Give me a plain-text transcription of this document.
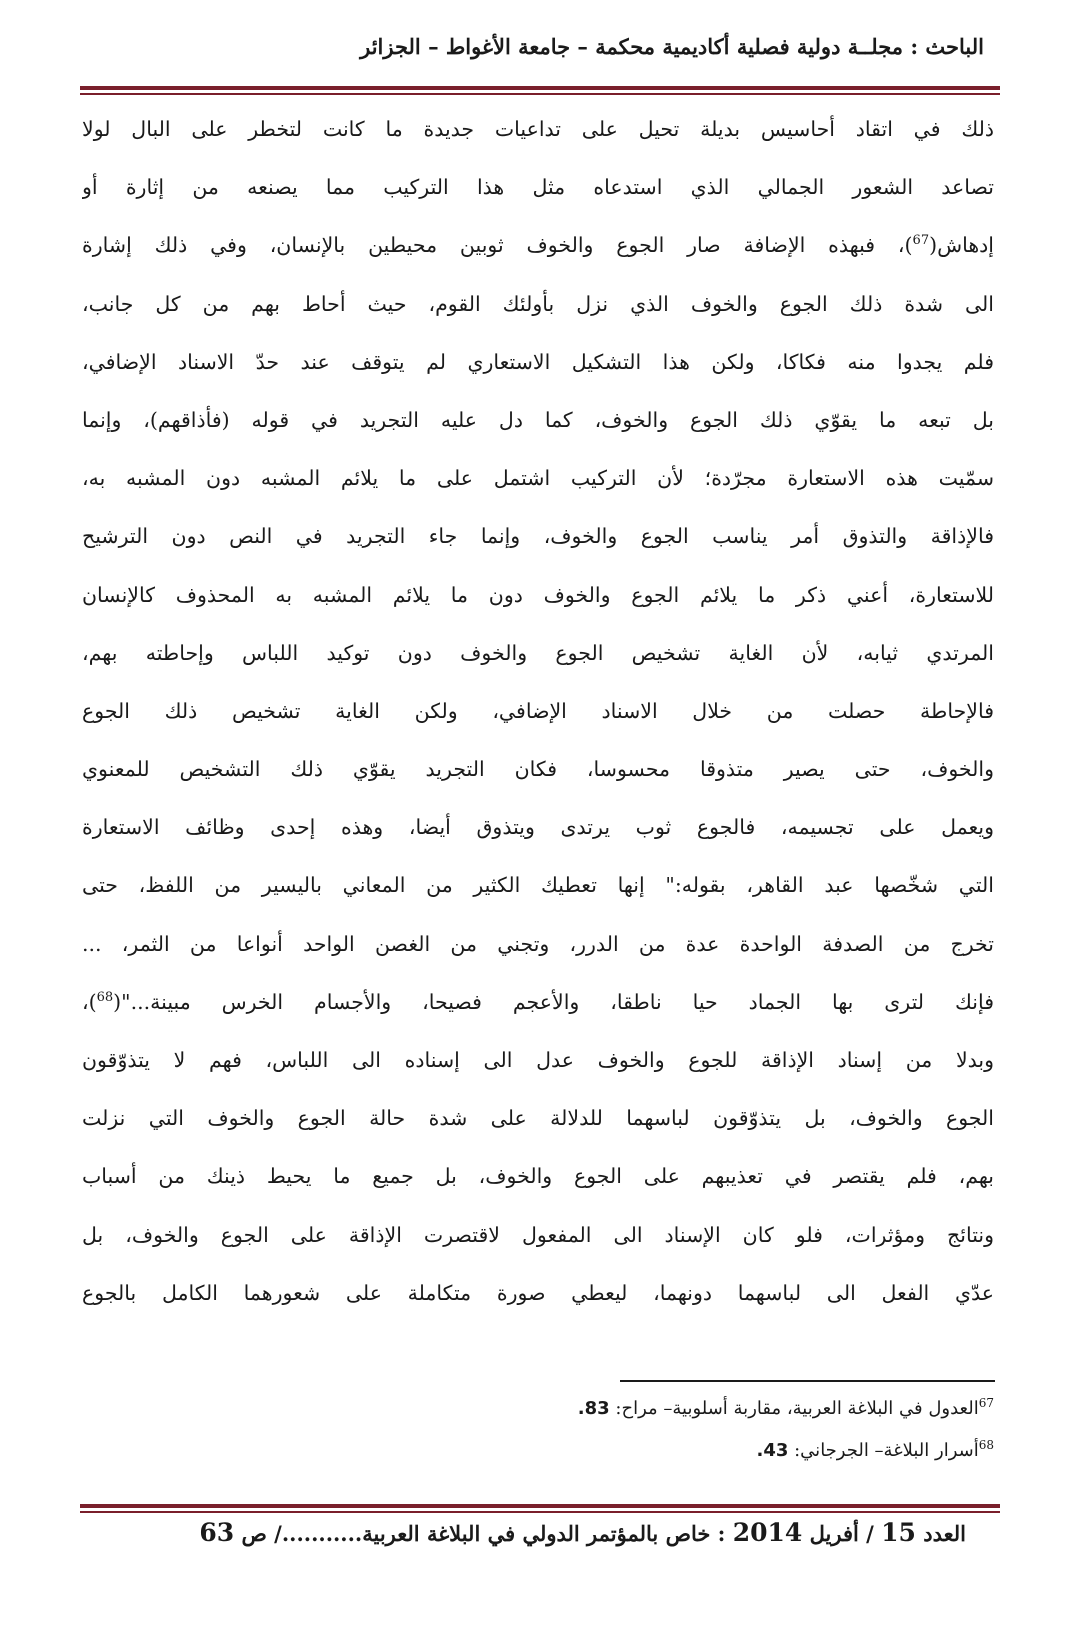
الباحث : مجلــة دولية فصلية أكاديمية محكمة – جامعة الأغواط – الجزائر
ذلك في اتقاد أحاسيس بديلة تحيل على تداعيات جديدة ما كانت لتخطر على البال لولا
تصاعد الشعور الجمالي الذي استدعاه مثل هذا التركيب مما يصنعه من إثارة أو
إدهاش($^{67}$)، فبهذه الإضافة صار الجوع والخوف ثوبين محيطين بالإنسان، وفي ذلك إشارة
الى شدة ذلك الجوع والخوف الذي نزل بأولئك القوم، حيث أحاط بهم من كل جانب،
فلم يجدوا منه فكاكا، ولكن هذا التشكيل الاستعاري لم يتوقف عند حدّ الاسناد الإضافي،
بل تبعه ما يقوّي ذلك الجوع والخوف، كما دل عليه التجريد في قوله (فأذاقهم)، وإنما
سمّيت هذه الاستعارة مجرّدة؛ لأن التركيب اشتمل على ما يلائم المشبه دون المشبه به،
فالإذاقة والتذوق أمر يناسب الجوع والخوف، وإنما جاء التجريد في النص دون الترشيح
للاستعارة، أعني ذكر ما يلائم الجوع والخوف دون ما يلائم المشبه به المحذوف كالإنسان
المرتدي ثيابه، لأن الغاية تشخيص الجوع والخوف دون توكيد اللباس وإحاطته بهم،
فالإحاطة حصلت من خلال الاسناد الإضافي، ولكن الغاية تشخيص ذلك الجوع
والخوف، حتى يصير متذوقا محسوسا، فكان التجريد يقوّي ذلك التشخيص للمعنوي
ويعمل على تجسيمه، فالجوع ثوب يرتدى ويتذوق أيضا، وهذه إحدى وظائف الاستعارة
التي شخّصها عبد القاهر، بقوله:" إنها تعطيك الكثير من المعاني باليسير من اللفظ، حتى
تخرج من الصدفة الواحدة عدة من الدرر، وتجني من الغصن الواحد أنواعا من الثمر، ...
فإنك لترى بها الجماد حيا ناطقا، والأعجم فصيحا، والأجسام الخرس مبينة..."($^{68}$)،
وبدلا من إسناد الإذاقة للجوع والخوف عدل الى إسناده الى اللباس، فهم لا يتذوّقون
الجوع والخوف، بل يتذوّقون لباسهما للدلالة على شدة حالة الجوع والخوف التي نزلت
بهم، فلم يقتصر في تعذيبهم على الجوع والخوف، بل جميع ما يحيط ذينك من أسباب
ونتائج ومؤثرات، فلو كان الإسناد الى المفعول لاقتصرت الإذاقة على الجوع والخوف، بل
عدّي الفعل الى لباسهما دونهما، ليعطي صورة متكاملة على شعورهما الكامل بالجوع
$^{67}$العدول في البلاغة العربية، مقاربة أسلوبية– مراح: 83.
$^{68}$أسرار البلاغة– الجرجاني: 43.
العدد 15 / أفريل 2014 : خاص بالمؤتمر الدولي في البلاغة العربية.........../ ص 63
